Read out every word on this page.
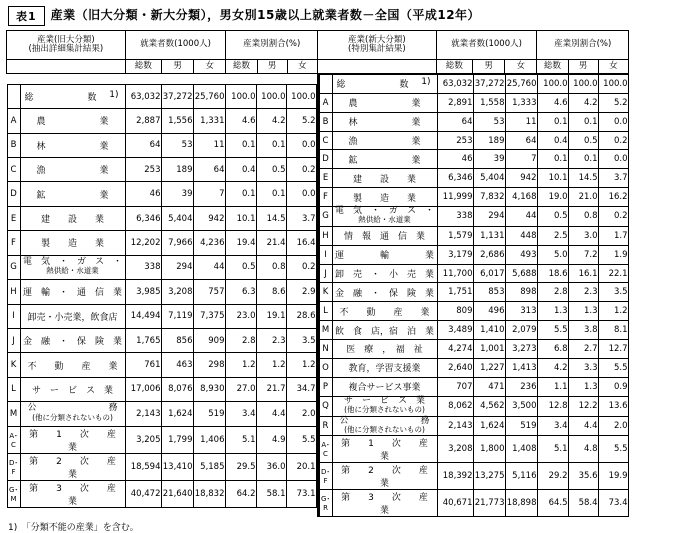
表1	産業（旧大分類・新大分類），男女別15歳以上就業者数－全国（平成12年）
産業(旧大分類)
(抽出詳細集計結果)	就業者数(1000人)	産業別割合(%)	産業(新大分類)
(特別集計結果)	就業者数(1000人)	産業別割合(%)
	総数	男	女	総数	男	女		総数	男	女	総数	男	女

総　　　　　　数 1)	63,032	37,272	25,760	100.0	100.0	100.0
A	農　　　　　　業	2,887	1,556	1,331	4.6	4.2	5.2
B	林　　　　　　業	64	53	11	0.1	0.1	0.0
C	漁　　　　　　業	253	189	64	0.4	0.5	0.2
D	鉱　　　　　　業	46	39	7	0.1	0.1	0.0
E	建　　設　　業	6,346	5,404	942	10.1	14.5	3.7
F	製　　造　　業	12,202	7,966	4,236	19.4	21.4	16.4
G	
電　気　・　ガ　ス　・
熱供給・水道業	338	294	44	0.5	0.8	0.2
H	運　輸　・　通　信　業	3,985	3,208	757	6.3	8.6	2.9
I	卸売・小売業，飲食店	14,494	7,119	7,375	23.0	19.1	28.6
J	金　融　・　保　険　業	1,765	856	909	2.8	2.3	3.5
K	不　　動　　産　　業	761	463	298	1.2	1.2	1.2
L	サ　ー　ビ　ス　業	17,006	8,076	8,930	27.0	21.7	34.7
M	
公　　　　　　　　務
(他に分類されないもの)	2,143	1,624	519	3.4	4.4	2.0
A･C	
第　　1　　次　　産　　業
	3,205	1,799	1,406	5.1	4.9	5.5
D･F	
第　　2　　次　　産　　業
	18,594	13,410	5,185	29.5	36.0	20.1
G･M	
第　　3　　次　　産　　業
	40,472	21,640	18,832	64.2	58.1	73.1

総　　　　　　数 1)	63,032	37,272	25,760	100.0	100.0	100.0
A	農　　　　　　業	2,891	1,558	1,333	4.6	4.2	5.2
B	林　　　　　　業	64	53	11	0.1	0.1	0.0
C	漁　　　　　　業	253	189	64	0.4	0.5	0.2
D	鉱　　　　　　業	46	39	7	0.1	0.1	0.0
E	建　　設　　業	6,346	5,404	942	10.1	14.5	3.7
F	製　　造　　業	11,999	7,832	4,168	19.0	21.0	16.2
G	
電　気　・　ガ　ス　・
熱供給・水道業	338	294	44	0.5	0.8	0.2
H	情　報　通　信　業	1,579	1,131	448	2.5	3.0	1.7
I	運　　　　輸　　　　業	3,179	2,686	493	5.0	7.2	1.9
J	卸　売　・　小　売　業	11,700	6,017	5,688	18.6	16.1	22.1
K	金　融　・　保　険　業	1,751	853	898	2.8	2.3	3.5
L	不　　動　　産　　業	809	496	313	1.3	1.3	1.2
M	飲　食　店，宿　泊　業	3,489	1,410	2,079	5.5	3.8	8.1
N	医　療　，　福　祉	4,274	1,001	3,273	6.8	2.7	12.7
O	教育，学習支援業	2,640	1,227	1,413	4.2	3.3	5.5
P	複合サービス事業	707	471	236	1.1	1.3	0.9
Q	
サ　ー　ビ　ス　業
(他に分類されないもの)	8,062	4,562	3,500	12.8	12.2	13.6
R	
公　　　　　　　　務
(他に分類されないもの)	2,143	1,624	519	3.4	4.4	2.0
A･C	
第　　1　　次　　産　　業
	3,208	1,800	1,408	5.1	4.8	5.5
D･F	
第　　2　　次　　産　　業
	18,392	13,275	5,116	29.2	35.6	19.9
G･R	
第　　3　　次　　産　　業
	40,671	21,773	18,898	64.5	58.4	73.4
1)　「分類不能の産業」を含む。
